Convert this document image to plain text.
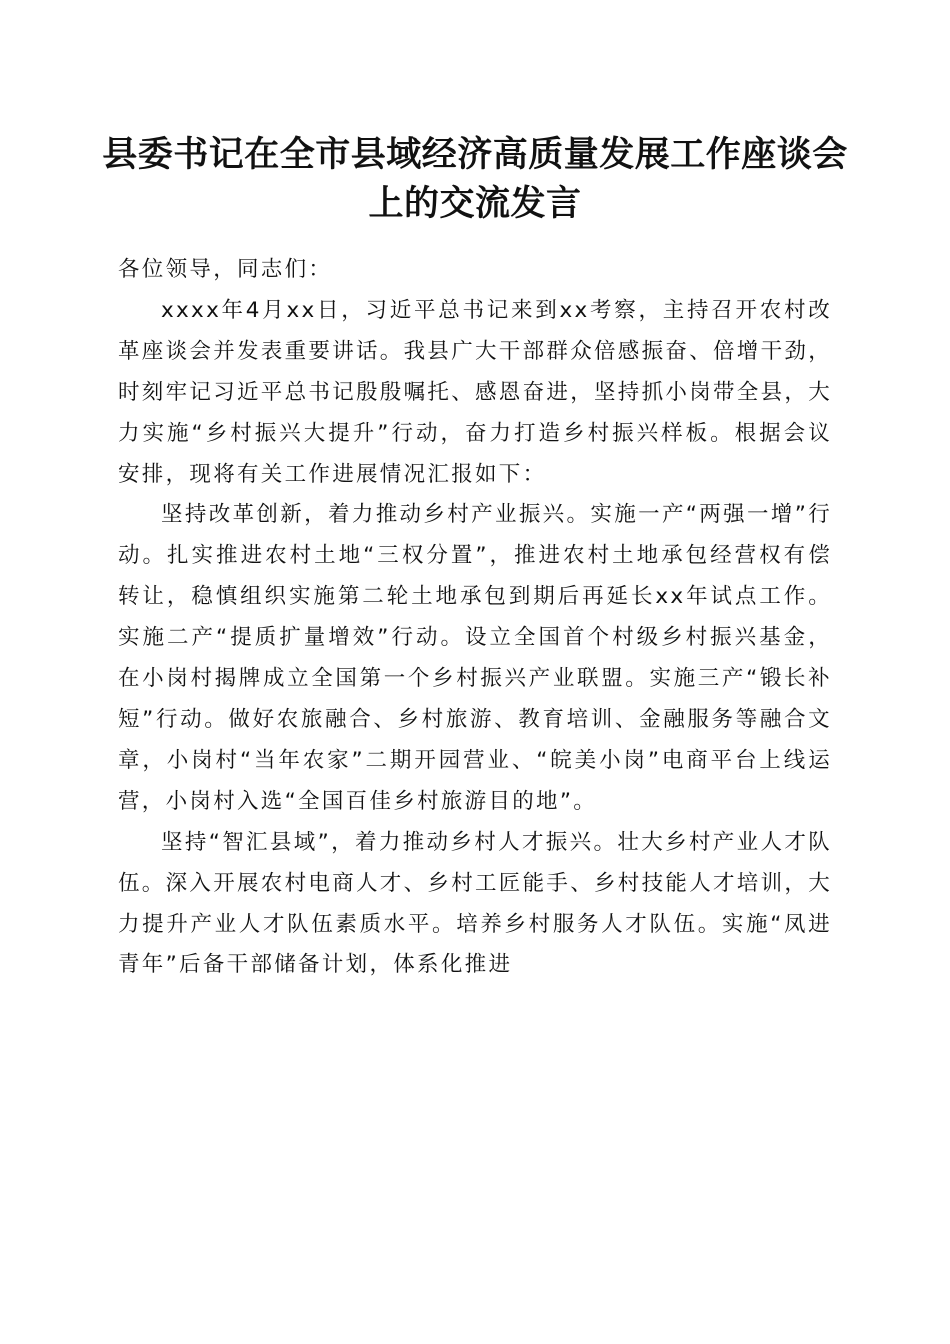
县委书记在全市县域经济高质量发展工作座谈会上的交流发言

各位领导，同志们：

xxxx年4月xx日，习近平总书记来到xx考察，主持召开农村改革座谈会并发表重要讲话。我县广大干部群众倍感振奋、倍增干劲，时刻牢记习近平总书记殷殷嘱托、感恩奋进，坚持抓小岗带全县，大力实施“乡村振兴大提升”行动，奋力打造乡村振兴样板。根据会议安排，现将有关工作进展情况汇报如下：

坚持改革创新，着力推动乡村产业振兴。实施一产“两强一增”行动。扎实推进农村土地“三权分置”，推进农村土地承包经营权有偿转让，稳慎组织实施第二轮土地承包到期后再延长xx年试点工作。实施二产“提质扩量增效”行动。设立全国首个村级乡村振兴基金，在小岗村揭牌成立全国第一个乡村振兴产业联盟。实施三产“锻长补短”行动。做好农旅融合、乡村旅游、教育培训、金融服务等融合文章，小岗村“当年农家”二期开园营业、“皖美小岗”电商平台上线运营，小岗村入选“全国百佳乡村旅游目的地”。

坚持“智汇县域”，着力推动乡村人才振兴。壮大乡村产业人才队伍。深入开展农村电商人才、乡村工匠能手、乡村技能人才培训，大力提升产业人才队伍素质水平。培养乡村服务人才队伍。实施“凤进青年”后备干部储备计划，体系化推进
